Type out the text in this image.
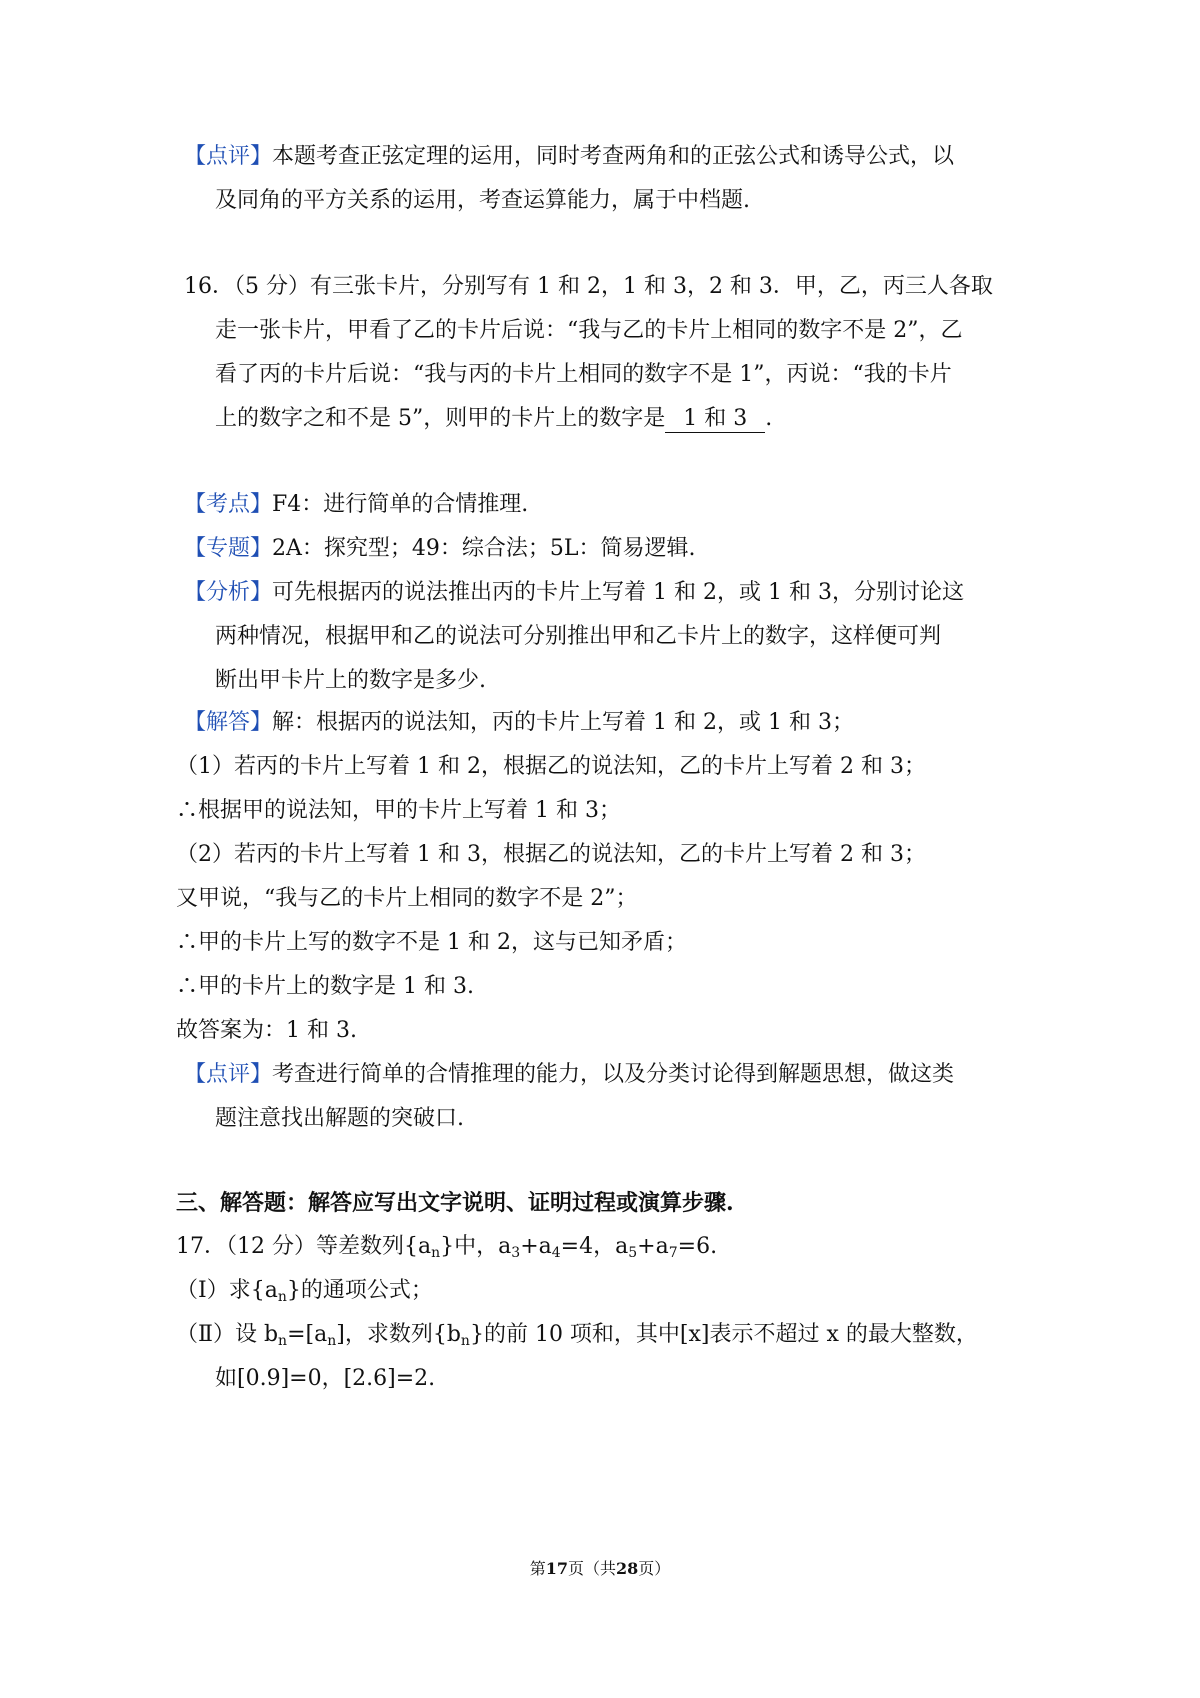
【点评】本题考查正弦定理的运用，同时考查两角和的正弦公式和诱导公式，以
及同角的平方关系的运用，考查运算能力，属于中档题.
16．（5 分）有三张卡片，分别写有 1 和 2，1 和 3，2 和 3．甲，乙，丙三人各取
走一张卡片，甲看了乙的卡片后说：“我与乙的卡片上相同的数字不是 2”，乙
看了丙的卡片后说：“我与丙的卡片上相同的数字不是 1”，丙说：“我的卡片
上的数字之和不是 5”，则甲的卡片上的数字是 1 和 3 .
【考点】F4：进行简单的合情推理.
【专题】2A：探究型；49：综合法；5L：简易逻辑.
【分析】可先根据丙的说法推出丙的卡片上写着 1 和 2，或 1 和 3，分别讨论这
两种情况，根据甲和乙的说法可分别推出甲和乙卡片上的数字，这样便可判
断出甲卡片上的数字是多少.
【解答】解：根据丙的说法知，丙的卡片上写着 1 和 2，或 1 和 3；
（1）若丙的卡片上写着 1 和 2，根据乙的说法知，乙的卡片上写着 2 和 3；
∴根据甲的说法知，甲的卡片上写着 1 和 3；
（2）若丙的卡片上写着 1 和 3，根据乙的说法知，乙的卡片上写着 2 和 3；
又甲说，“我与乙的卡片上相同的数字不是 2”；
∴甲的卡片上写的数字不是 1 和 2，这与已知矛盾；
∴甲的卡片上的数字是 1 和 3.
故答案为：1 和 3.
【点评】考查进行简单的合情推理的能力，以及分类讨论得到解题思想，做这类
题注意找出解题的突破口.
三、解答题：解答应写出文字说明、证明过程或演算步骤.
17．（12 分）等差数列$\{a_n\}$中，$a_3+a_4=4$，$a_5+a_7=6$.
（Ⅰ）求$\{a_n\}$的通项公式；
（Ⅱ）设 $b_n=[a_n]$，求数列$\{b_n\}$的前 10 项和，其中[x]表示不超过 x 的最大整数，
如[0.9]=0，[2.6]=2.
第17页（共28页）
